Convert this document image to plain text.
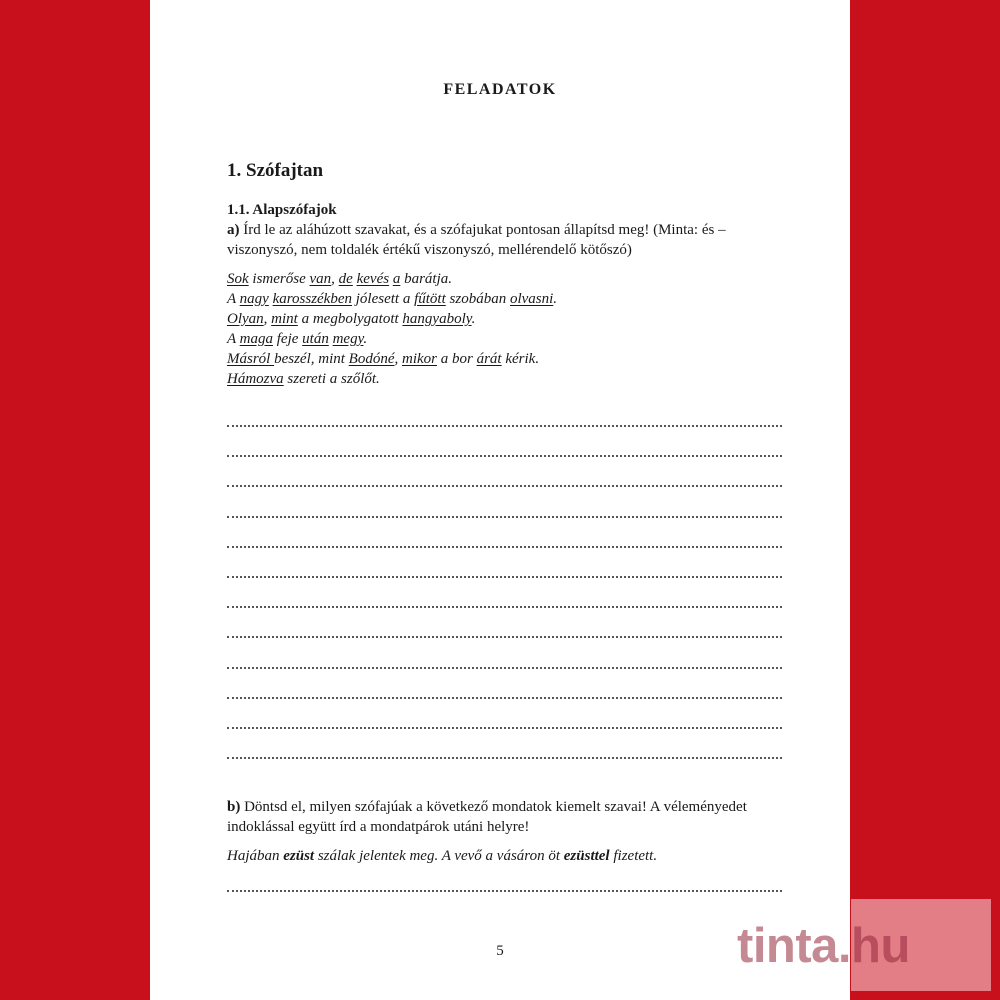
FELADATOK
1. Szófajtan
1.1. Alapszófajok
a) Írd le az aláhúzott szavakat, és a szófajukat pontosan állapítsd meg! (Minta: és – viszonyszó, nem toldalék értékű viszonyszó, mellérendelő kötőszó)
Sok ismerőse van, de kevés a barátja.
A nagy karosszékben jólesett a fűtött szobában olvasni.
Olyan, mint a megbolygatott hangyaboly.
A maga feje után megy.
Másról beszél, mint Bodóné, mikor a bor árát kérik.
Hámozva szereti a szőlőt.
b) Döntsd el, milyen szófajúak a következő mondatok kiemelt szavai! A véleményedet indoklással együtt írd a mondatpárok utáni helyre!
Hajában ezüst szálak jelentek meg. A vevő a vásáron öt ezüsttel fizetett.
5	tinta.hu
